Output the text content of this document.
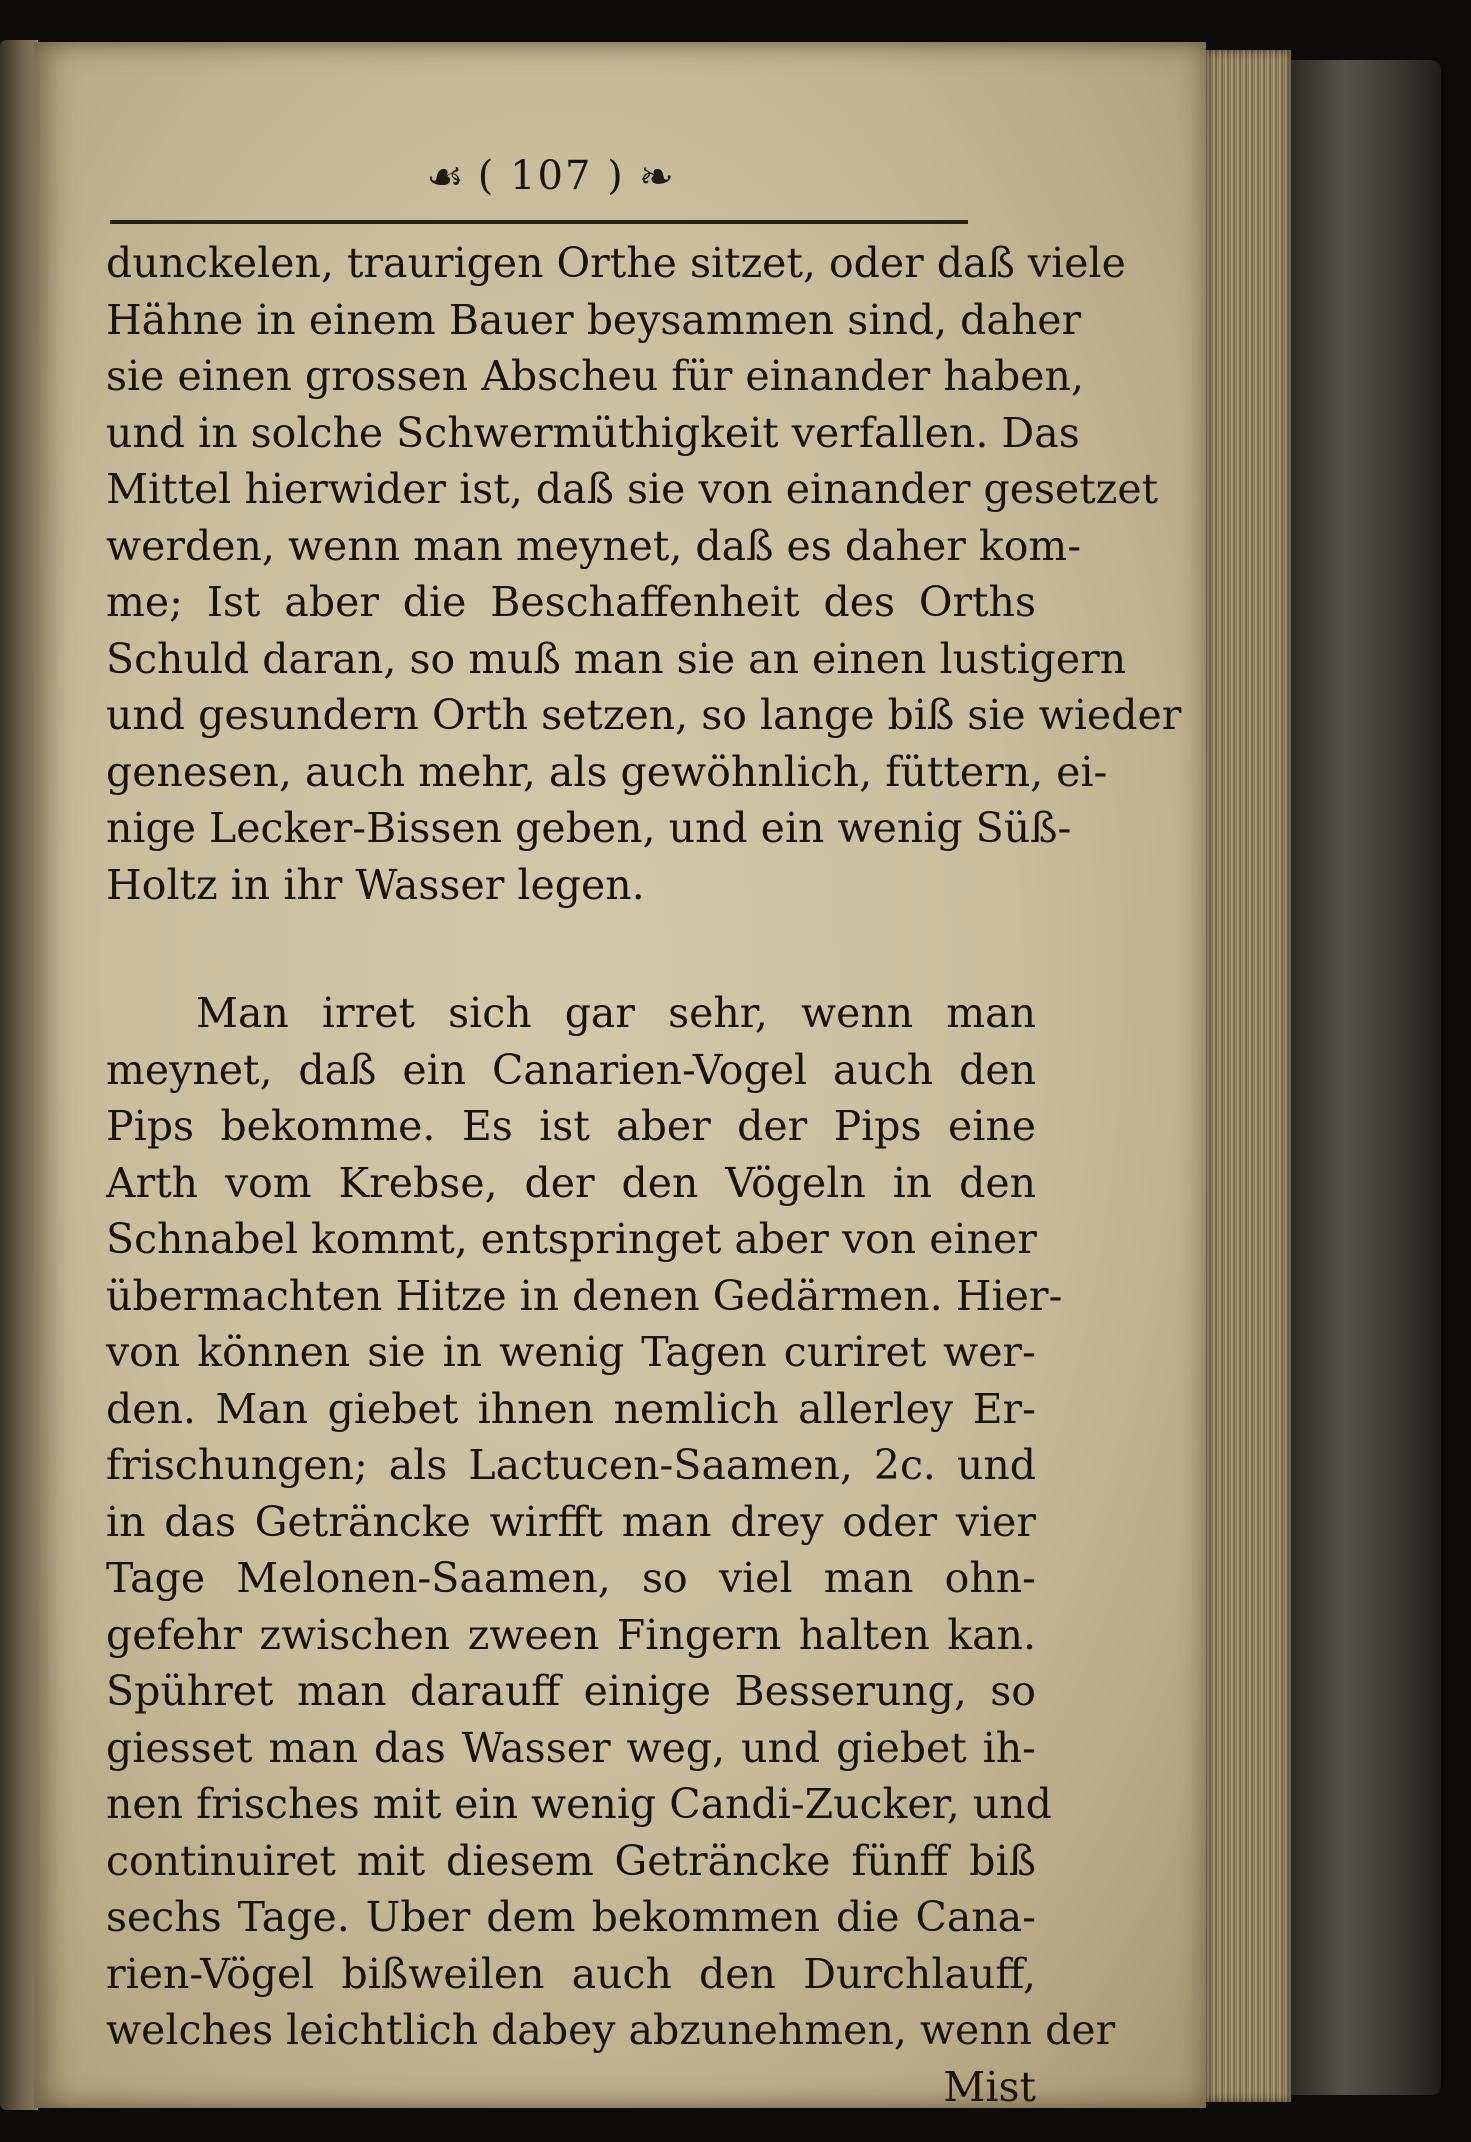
☙ ( 107 ) ❧
dunckelen, traurigen Orthe sitzet, oder daß viele
Hähne in einem Bauer beysammen sind, daher
sie einen grossen Abscheu für einander haben,
und in solche Schwermüthigkeit verfallen. Das
Mittel hierwider ist, daß sie von einander gesetzet
werden, wenn man meynet, daß es daher kom-
me; Ist aber die Beschaffenheit des Orths
Schuld daran, so muß man sie an einen lustigern
und gesundern Orth setzen, so lange biß sie wieder
genesen, auch mehr, als gewöhnlich, füttern, ei-
nige Lecker-Bissen geben, und ein wenig Süß-
Holtz in ihr Wasser legen.
Man irret sich gar sehr, wenn man
meynet, daß ein Canarien-Vogel auch den
Pips bekomme. Es ist aber der Pips eine
Arth vom Krebse, der den Vögeln in den
Schnabel kommt, entspringet aber von einer
übermachten Hitze in denen Gedärmen. Hier-
von können sie in wenig Tagen curiret wer-
den. Man giebet ihnen nemlich allerley Er-
frischungen; als Lactucen-Saamen, 2c. und
in das Geträncke wirfft man drey oder vier
Tage Melonen-Saamen, so viel man ohn-
gefehr zwischen zween Fingern halten kan.
Spühret man darauff einige Besserung, so
giesset man das Wasser weg, und giebet ih-
nen frisches mit ein wenig Candi-Zucker, und
continuiret mit diesem Geträncke fünff biß
sechs Tage. Uber dem bekommen die Cana-
rien-Vögel bißweilen auch den Durchlauff,
welches leichtlich dabey abzunehmen, wenn der
Mist
